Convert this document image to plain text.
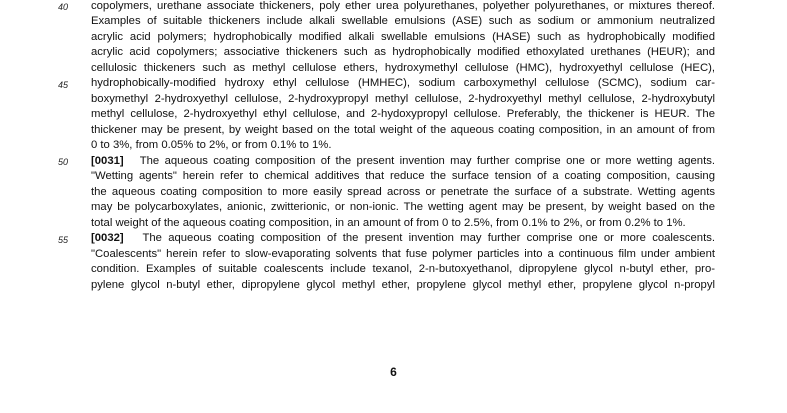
40
45
50
55
copolymers, urethane associate thickeners, poly ether urea polyurethanes, polyether polyurethanes, or mixtures thereof.
Examples of suitable thickeners include alkali swellable emulsions (ASE) such as sodium or ammonium neutralized
acrylic acid polymers; hydrophobically modified alkali swellable emulsions (HASE) such as hydrophobically modified
acrylic acid copolymers; associative thickeners such as hydrophobically modified ethoxylated urethanes (HEUR); and
cellulosic thickeners such as methyl cellulose ethers, hydroxymethyl cellulose (HMC), hydroxyethyl cellulose (HEC),
hydrophobically-modified hydroxy ethyl cellulose (HMHEC), sodium carboxymethyl cellulose (SCMC), sodium car-
boxymethyl 2-hydroxyethyl cellulose, 2-hydroxypropyl methyl cellulose, 2-hydroxyethyl methyl cellulose, 2-hydroxybutyl
methyl cellulose, 2-hydroxyethyl ethyl cellulose, and 2-hydoxypropyl cellulose. Preferably, the thickener is HEUR. The
thickener may be present, by weight based on the total weight of the aqueous coating composition, in an amount of from
0 to 3%, from 0.05% to 2%, or from 0.1% to 1%.
[0031] The aqueous coating composition of the present invention may further comprise one or more wetting agents.
"Wetting agents" herein refer to chemical additives that reduce the surface tension of a coating composition, causing
the aqueous coating composition to more easily spread across or penetrate the surface of a substrate. Wetting agents
may be polycarboxylates, anionic, zwitterionic, or non-ionic. The wetting agent may be present, by weight based on the
total weight of the aqueous coating composition, in an amount of from 0 to 2.5%, from 0.1% to 2%, or from 0.2% to 1%.
[0032] The aqueous coating composition of the present invention may further comprise one or more coalescents.
"Coalescents" herein refer to slow-evaporating solvents that fuse polymer particles into a continuous film under ambient
condition. Examples of suitable coalescents include texanol, 2-n-butoxyethanol, dipropylene glycol n-butyl ether, pro-
pylene glycol n-butyl ether, dipropylene glycol methyl ether, propylene glycol methyl ether, propylene glycol n-propyl
6
